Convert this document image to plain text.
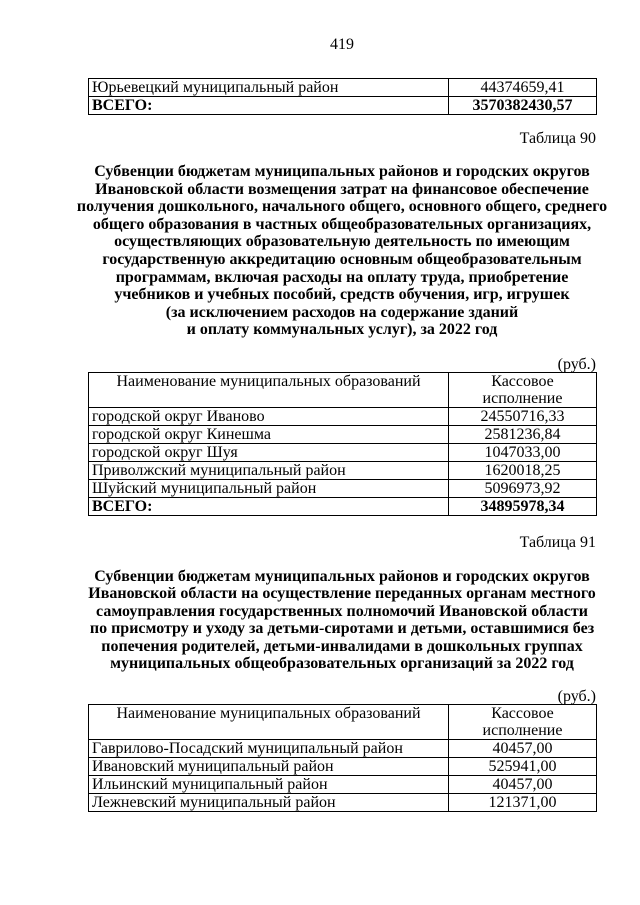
419
Юрьевецкий муниципальный район	44374659,41
ВСЕГО:	3570382430,57
Таблица 90
Субвенции бюджетам муниципальных районов и городских округов
Ивановской области возмещения затрат на финансовое обеспечение
получения дошкольного, начального общего, основного общего, среднего
общего образования в частных общеобразовательных организациях,
осуществляющих образовательную деятельность по имеющим
государственную аккредитацию основным общеобразовательным
программам, включая расходы на оплату труда, приобретение
учебников и учебных пособий, средств обучения, игр, игрушек
(за исключением расходов на содержание зданий
и оплату коммунальных услуг), за 2022 год
(руб.)
Наименование муниципальных образований	Кассовое исполнение

городской округ Иваново	24550716,33
городской округ Кинешма	2581236,84
городской округ Шуя	1047033,00
Приволжский муниципальный район	1620018,25
Шуйский муниципальный район	5096973,92
ВСЕГО:	34895978,34
Таблица 91
Субвенции бюджетам муниципальных районов и городских округов
Ивановской области на осуществление переданных органам местного
самоуправления государственных полномочий Ивановской области
по присмотру и уходу за детьми-сиротами и детьми, оставшимися без
попечения родителей, детьми-инвалидами в дошкольных группах
муниципальных общеобразовательных организаций за 2022 год
(руб.)
Наименование муниципальных образований	Кассовое исполнение

Гаврилово-Посадский муниципальный район	40457,00
Ивановский муниципальный район	525941,00
Ильинский муниципальный район	40457,00
Лежневский муниципальный район	121371,00
